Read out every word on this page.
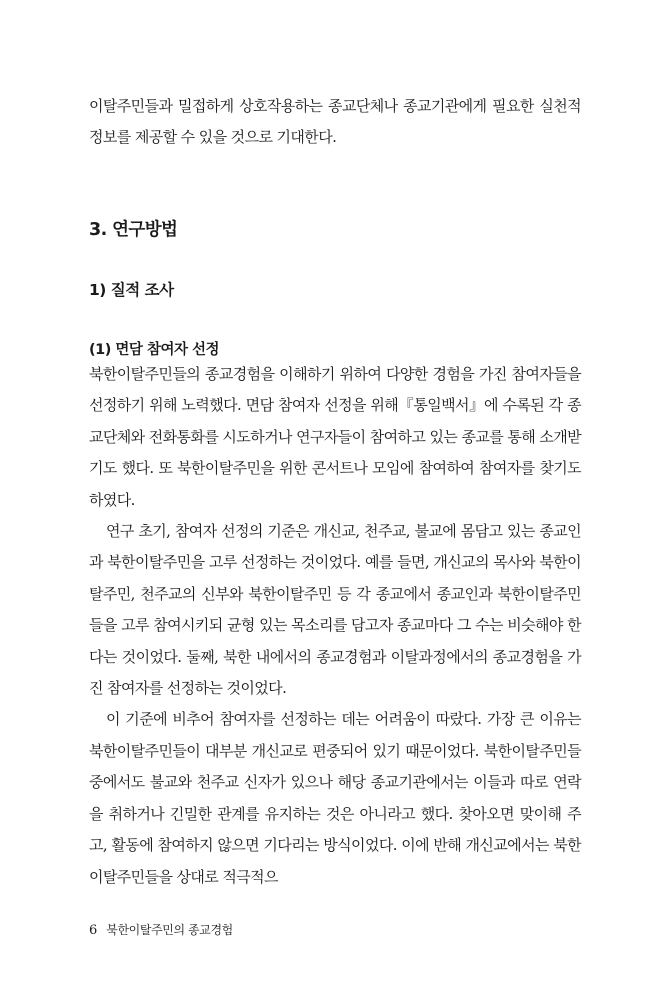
이탈주민들과 밀접하게 상호작용하는 종교단체나 종교기관에게 필요한 실천적 정보를 제공할 수 있을 것으로 기대한다.

3. 연구방법
1) 질적 조사
(1) 면담 참여자 선정

북한이탈주민들의 종교경험을 이해하기 위하여 다양한 경험을 가진 참여자들을 선정하기 위해 노력했다. 면담 참여자 선정을 위해『통일백서』에 수록된 각 종교단체와 전화통화를 시도하거나 연구자들이 참여하고 있는 종교를 통해 소개받기도 했다. 또 북한이탈주민을 위한 콘서트나 모임에 참여하여 참여자를 찾기도 하였다.

연구 초기, 참여자 선정의 기준은 개신교, 천주교, 불교에 몸담고 있는 종교인과 북한이탈주민을 고루 선정하는 것이었다. 예를 들면, 개신교의 목사와 북한이탈주민, 천주교의 신부와 북한이탈주민 등 각 종교에서 종교인과 북한이탈주민들을 고루 참여시키되 균형 있는 목소리를 담고자 종교마다 그 수는 비슷해야 한다는 것이었다. 둘째, 북한 내에서의 종교경험과 이탈과정에서의 종교경험을 가진 참여자를 선정하는 것이었다.

이 기준에 비추어 참여자를 선정하는 데는 어려움이 따랐다. 가장 큰 이유는 북한이탈주민들이 대부분 개신교로 편중되어 있기 때문이었다. 북한이탈주민들 중에서도 불교와 천주교 신자가 있으나 해당 종교기관에서는 이들과 따로 연락을 취하거나 긴밀한 관계를 유지하는 것은 아니라고 했다. 찾아오면 맞이해 주고, 활동에 참여하지 않으면 기다리는 방식이었다. 이에 반해 개신교에서는 북한이탈주민들을 상대로 적극적으

6 북한이탈주민의 종교경험
